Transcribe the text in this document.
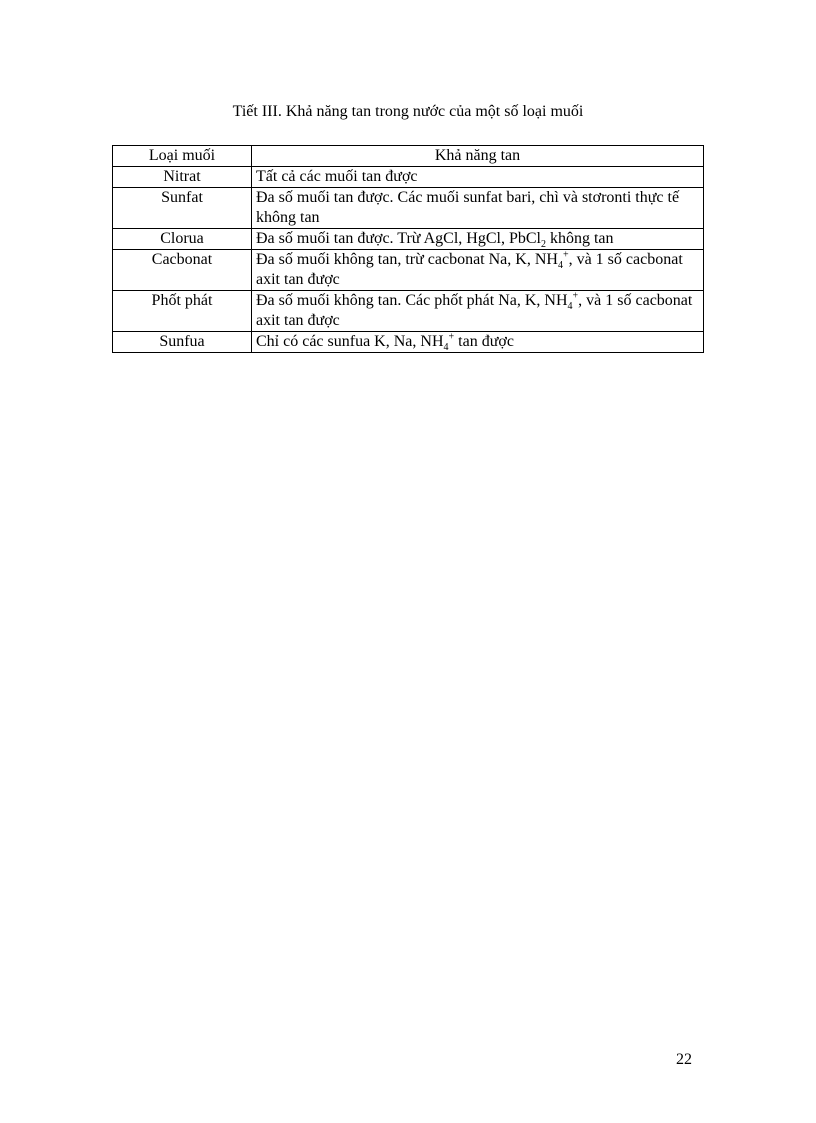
Tiết III. Khả năng tan trong nước của một số loại muối
Loại muối	Khả năng tan
Nitrat	Tất cả các muối tan được
Sunfat	Đa số muối tan được. Các muối sunfat bari, chì và stơronti thực tế không tan
Clorua	Đa số muối tan được. Trừ AgCl, HgCl, PbCl$_2$ không tan
Cacbonat	Đa số muối không tan, trừ cacbonat Na, K, $NH_4^+$, và 1 số cacbonat axit tan được
Phốt phát	Đa số muối không tan. Các phốt phát Na, K, $NH_4^+$, và 1 số cacbonat axit tan được
Sunfua	Chỉ có các sunfua K, Na, $NH_4^+$ tan được
22
